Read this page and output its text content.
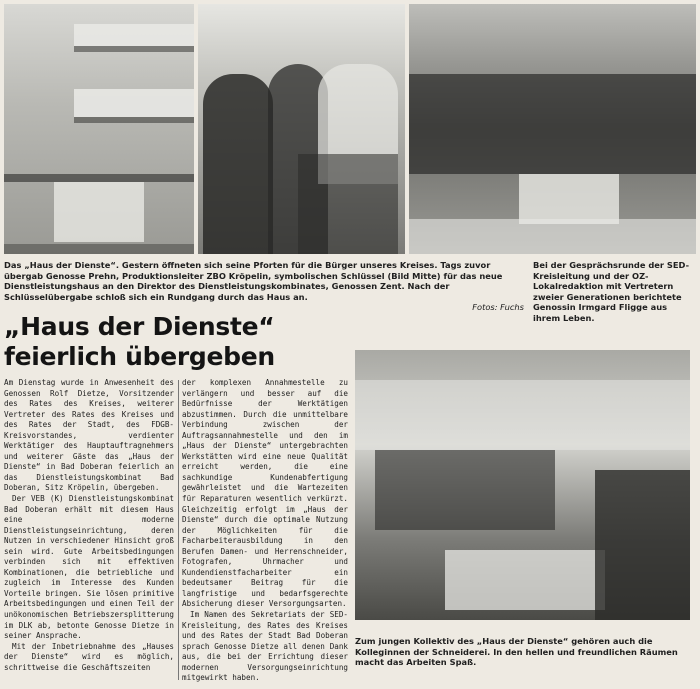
Das „Haus der Dienste“. Gestern öffneten sich seine Pforten für die Bürger unseres Kreises. Tags zuvor übergab Genosse Prehn, Produktionsleiter ZBO Kröpelin, symbolischen Schlüssel (Bild Mitte) für das neue Dienstleistungshaus an den Direktor des Dienstleistungskombinates, Genossen Zent. Nach der Schlüsselübergabe schloß sich ein Rundgang durch das Haus an.
Fotos: Fuchs

Bei der Gesprächsrunde der SED-Kreisleitung und der OZ-Lokalredaktion mit Vertretern zweier Generationen berichtete Genossin Irmgard Fligge aus ihrem Leben.

„Haus der Dienste“
feierlich übergeben

Am Dienstag wurde in Anwesenheit des Genossen Rolf Dietze, Vorsitzender des Rates des Kreises, weiterer Vertreter des Rates des Kreises und des Rates der Stadt, des FDGB-Kreisvorstandes, verdienter Werktätiger des Hauptauftragnehmers und weiterer Gäste das „Haus der Dienste“ in Bad Doberan feierlich an das Dienstleistungskombinat Bad Doberan, Sitz Kröpelin, übergeben.

Der VEB (K) Dienstleistungskombinat Bad Doberan erhält mit diesem Haus eine moderne Dienstleistungseinrichtung, deren Nutzen in verschiedener Hinsicht groß sein wird. Gute Arbeitsbedingungen verbinden sich mit effektiven Kombinationen, die betriebliche und zugleich im Interesse des Kunden Vorteile bringen. Sie lösen primitive Arbeitsbedingungen und einen Teil der unökonomischen Betriebszersplitterung im DLK ab, betonte Genosse Dietze in seiner Ansprache.

Mit der Inbetriebnahme des „Hauses der Dienste“ wird es möglich, schrittweise die Geschäftszeiten

der komplexen Annahmestelle zu verlängern und besser auf die Bedürfnisse der Werktätigen abzustimmen. Durch die unmittelbare Verbindung zwischen der Auftragsannahmestelle und den im „Haus der Dienste“ untergebrachten Werkstätten wird eine neue Qualität erreicht werden, die eine sachkundige Kundenabfertigung gewährleistet und die Wartezeiten für Reparaturen wesentlich verkürzt. Gleichzeitig erfolgt im „Haus der Dienste“ durch die optimale Nutzung der Möglichkeiten für die Facharbeiterausbildung in den Berufen Damen- und Herrenschneider, Fotografen, Uhrmacher und Kundendienstfacharbeiter ein bedeutsamer Beitrag für die langfristige und bedarfsgerechte Absicherung dieser Versorgungsarten.

Im Namen des Sekretariats der SED-Kreisleitung, des Rates des Kreises und des Rates der Stadt Bad Doberan sprach Genosse Dietze all denen Dank aus, die bei der Errichtung dieser modernen Versorgungseinrichtung mitgewirkt haben.

Zum jungen Kollektiv des „Haus der Dienste“ gehören auch die Kolleginnen der Schneiderei. In den hellen und freundlichen Räumen macht das Arbeiten Spaß.
